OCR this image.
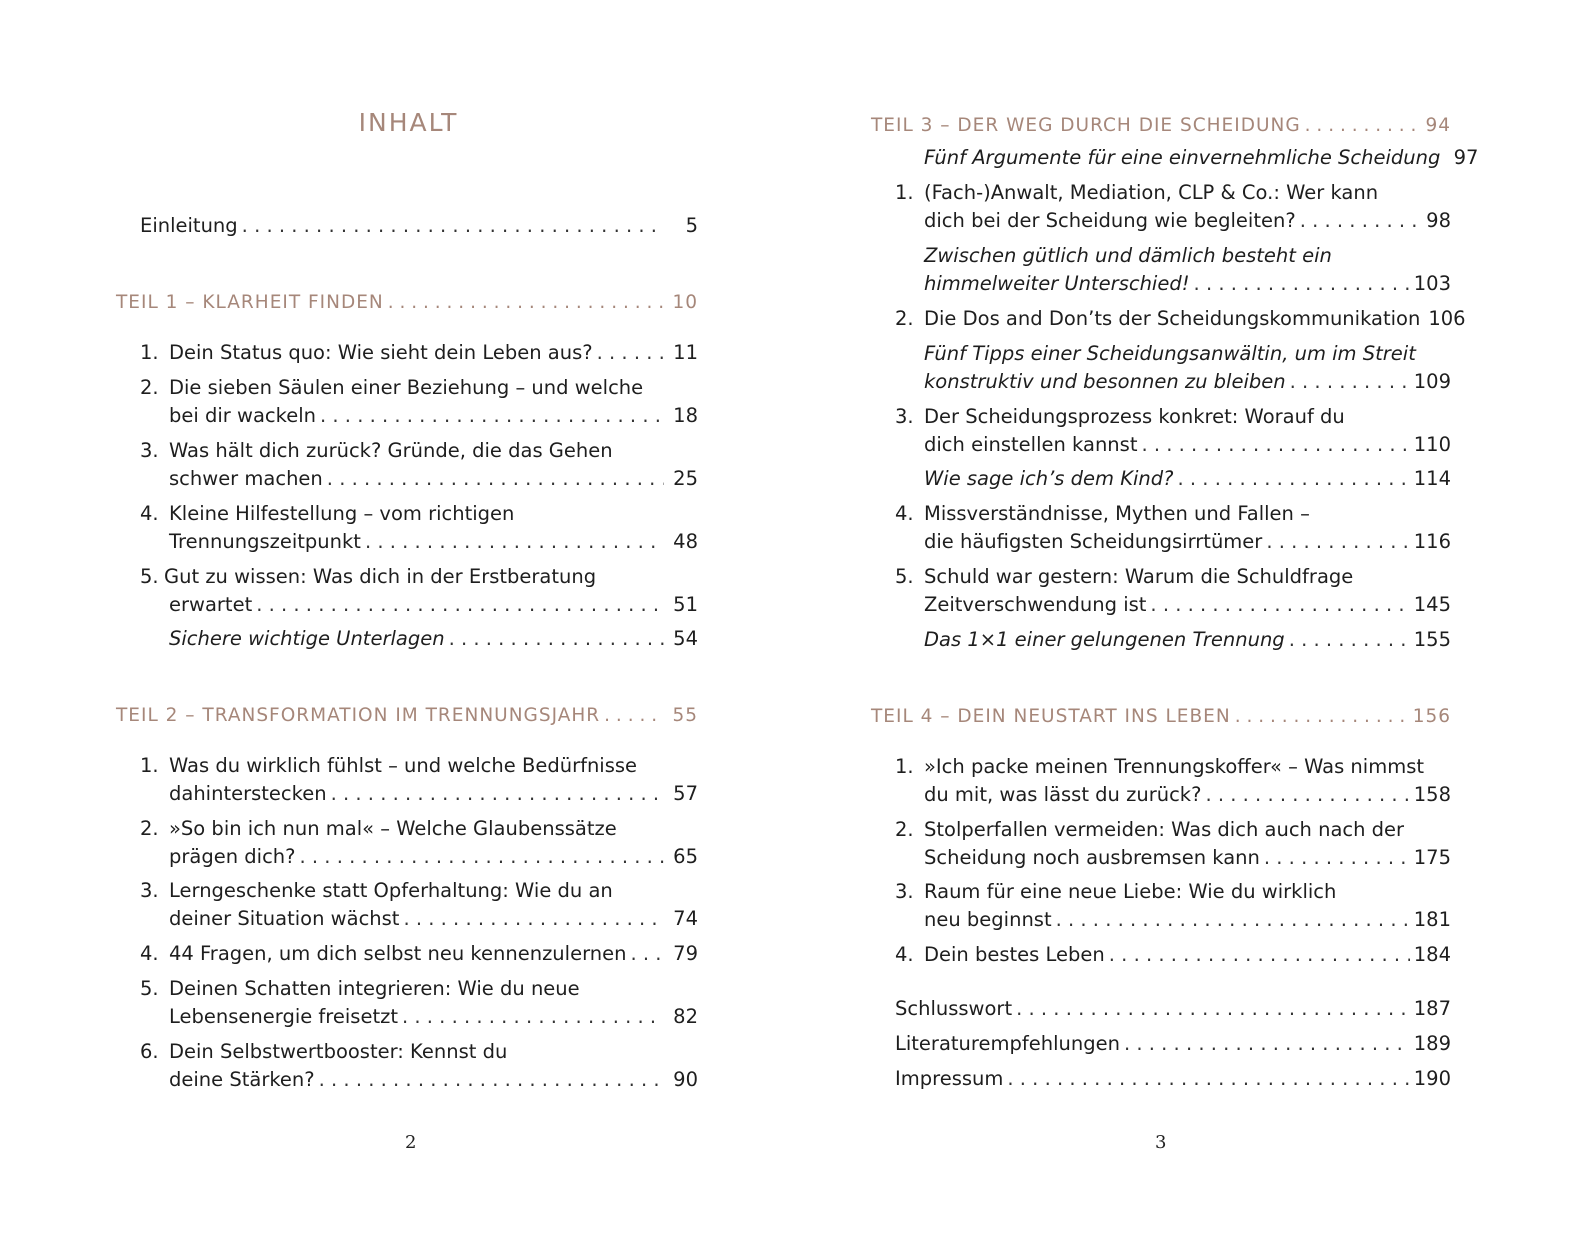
INHALT
Einleitung . . .	5
TEIL 1 – KLARHEIT FINDEN . . .	10
1. Dein Status quo: Wie sieht dein Leben aus? . . .	11
2. Die sieben Säulen einer Beziehung – und welche
bei dir wackeln . . .	18
3. Was hält dich zurück? Gründe, die das Gehen
schwer machen . . .	25
4. Kleine Hilfestellung – vom richtigen
Trennungszeitpunkt . . .	48
5. Gut zu wissen: Was dich in der Erstberatung
erwartet . . .	51
Sichere wichtige Unterlagen . . .	54
TEIL 2 – TRANSFORMATION IM TRENNUNGSJAHR . . .	55
1. Was du wirklich fühlst – und welche Bedürfnisse
dahinterstecken . . .	57
2. »So bin ich nun mal« – Welche Glaubenssätze
prägen dich? . . .	65
3. Lerngeschenke statt Opferhaltung: Wie du an
deiner Situation wächst . . .	74
4. 44 Fragen, um dich selbst neu kennenzulernen . . . 79
5. Deinen Schatten integrieren: Wie du neue
Lebensenergie freisetzt . . .	82
6. Dein Selbstwertbooster: Kennst du
deine Stärken? . . .	90
2
TEIL 3 – DER WEG DURCH DIE SCHEIDUNG . . .	94
Fünf Argumente für eine einvernehmliche Scheidung 97
1. (Fach-)Anwalt, Mediation, CLP & Co.: Wer kann
dich bei der Scheidung wie begleiten? . . .	98
Zwischen gütlich und dämlich besteht ein
himmelweiter Unterschied! . . .	103
2. Die Dos and Don’ts der Scheidungskommunikation 106
Fünf Tipps einer Scheidungsanwältin, um im Streit
konstruktiv und besonnen zu bleiben . . .	109
3. Der Scheidungsprozess konkret: Worauf du
dich einstellen kannst . . .	110
Wie sage ich’s dem Kind? . . .	114
4. Missverständnisse, Mythen und Fallen –
die häufigsten Scheidungsirrtümer . . .	116
5. Schuld war gestern: Warum die Schuldfrage
Zeitverschwendung ist . . .	145
Das 1×1 einer gelungenen Trennung . . .	155
TEIL 4 – DEIN NEUSTART INS LEBEN . . .	156
1. »Ich packe meinen Trennungskoffer« – Was nimmst
du mit, was lässt du zurück? . . .	158
2. Stolperfallen vermeiden: Was dich auch nach der
Scheidung noch ausbremsen kann . . .	175
3. Raum für eine neue Liebe: Wie du wirklich
neu beginnst . . .	181
4. Dein bestes Leben . . .	184
Schlusswort . . .	187
Literaturempfehlungen . . .	189
Impressum . . .	190
3
